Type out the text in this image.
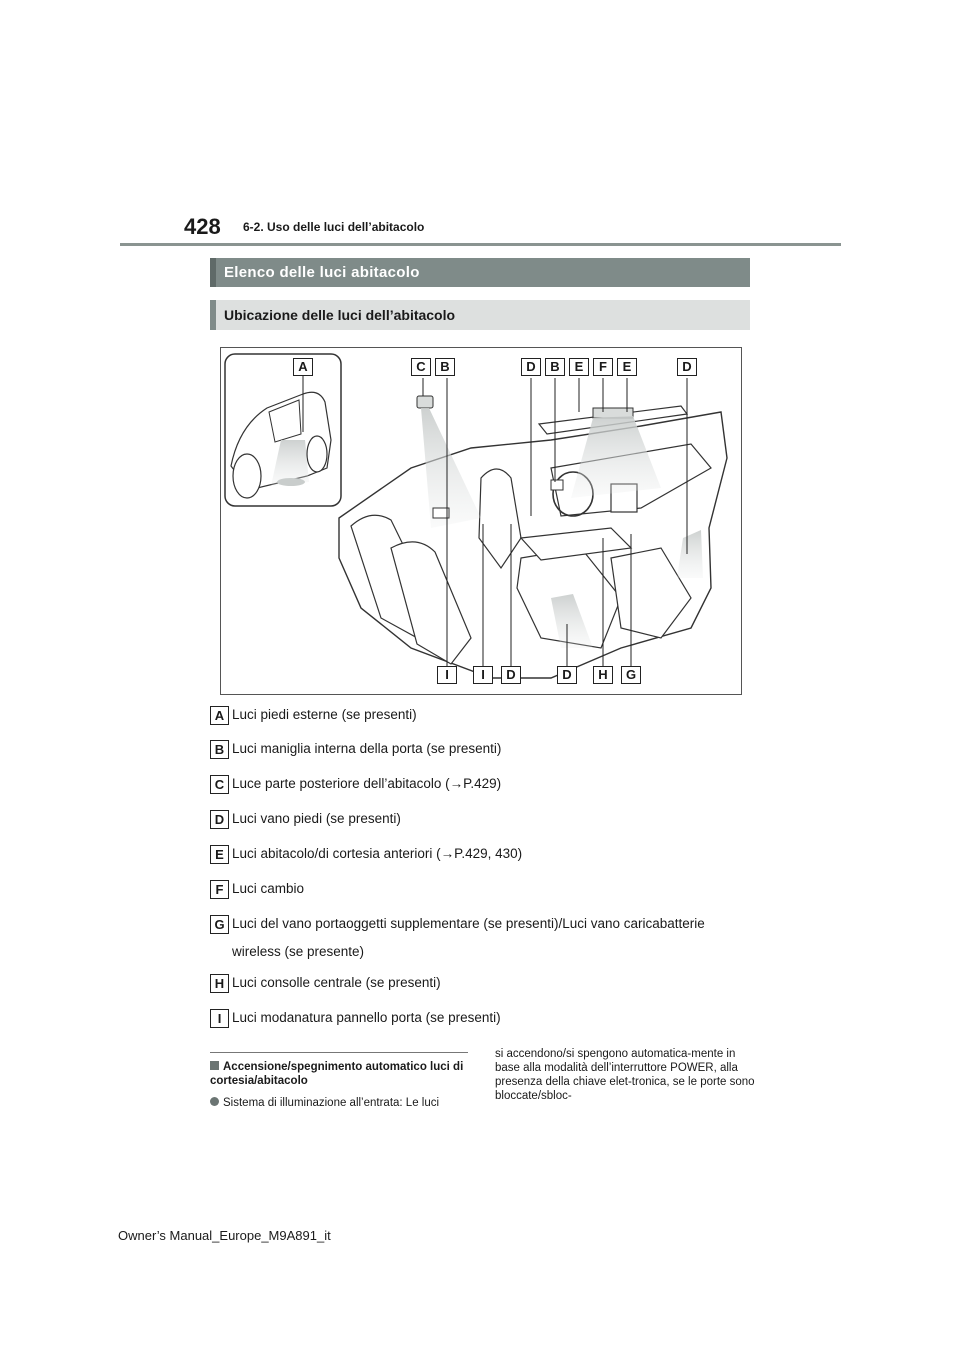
428 6-2. Uso delle luci dell’abitacolo
Elenco delle luci abitacolo
Ubicazione delle luci dell’abitacolo
A	C	B	D	B	E	F	E	D
I	I	D	D	H	G
A Luci piedi esterne (se presenti)
B Luci maniglia interna della porta (se presenti)
C Luce parte posteriore dell’abitacolo (→P.429)
D Luci vano piedi (se presenti)
E Luci abitacolo/di cortesia anteriori (→P.429, 430)
F Luci cambio
G Luci del vano portaoggetti supplementare (se presenti)/Luci vano caricabatterie
wireless (se presente)
H Luci consolle centrale (se presenti)
I Luci modanatura pannello porta (se presenti)
Accensione/spegnimento automatico luci di cortesia/abitacolo
Sistema di illuminazione all’entrata: Le luci
si accendono/si spengono automatica-mente in base alla modalità dell’interruttore POWER, alla presenza della chiave elet-tronica, se le porte sono bloccate/sbloc-
Owner’s Manual_Europe_M9A891_it
